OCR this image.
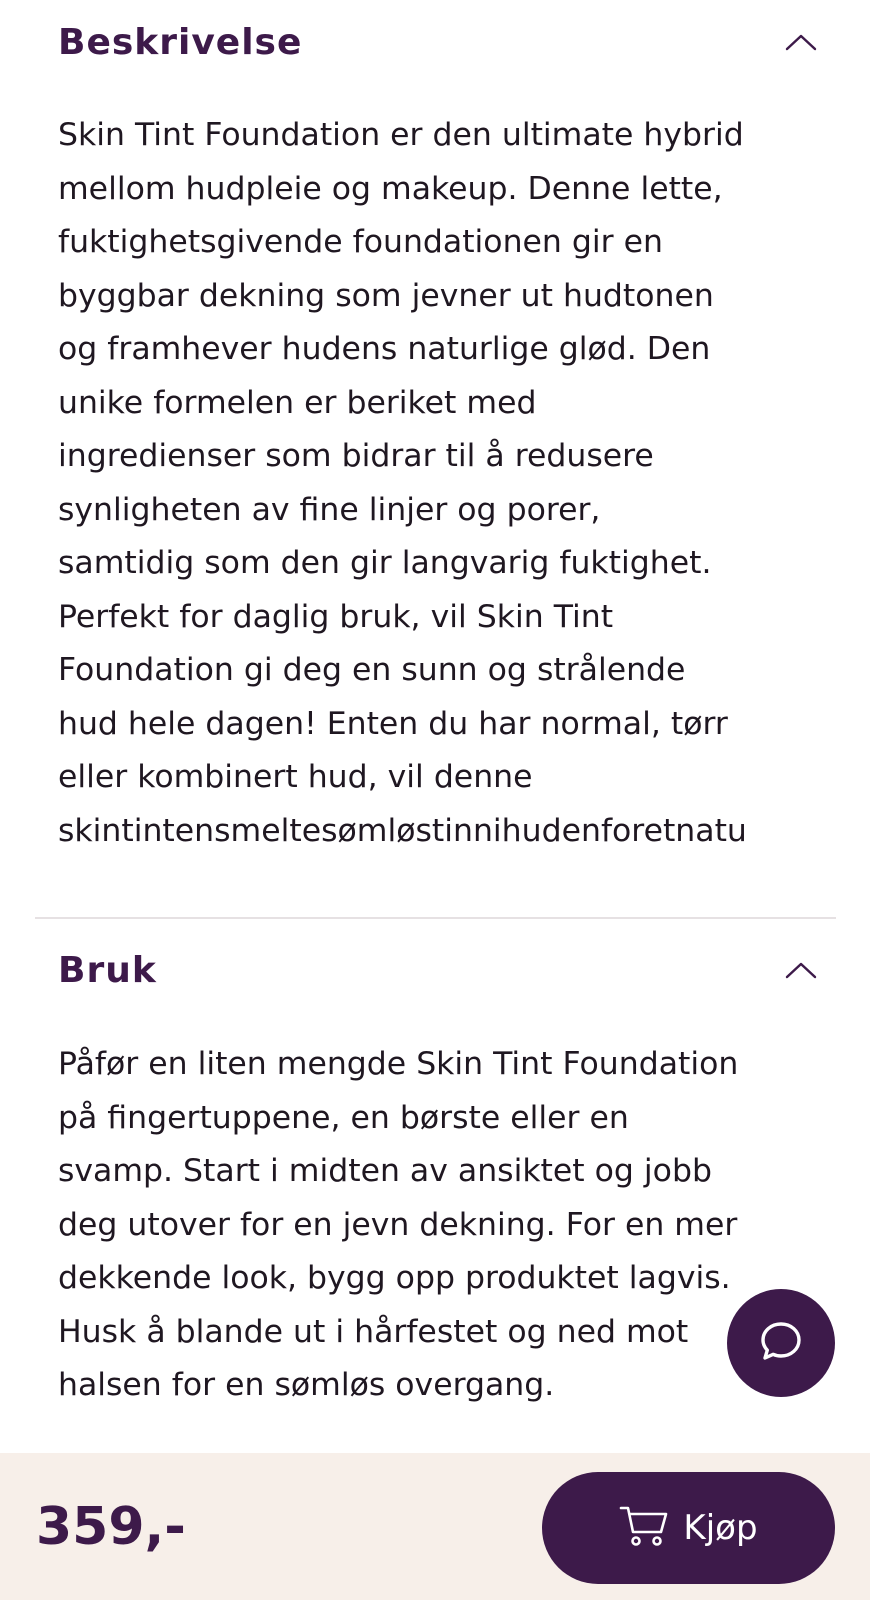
Beskrivelse
Skin Tint Foundation er den ultimate hybrid
mellom hudpleie og makeup. Denne lette,
fuktighetsgivende foundationen gir en
byggbar dekning som jevner ut hudtonen
og framhever hudens naturlige glød. Den
unike formelen er beriket med
ingredienser som bidrar til å redusere
synligheten av fine linjer og porer,
samtidig som den gir langvarig fuktighet.
Perfekt for daglig bruk, vil Skin Tint
Foundation gi deg en sunn og strålende
hud hele dagen! Enten du har normal, tørr
eller kombinert hud, vil denne
skintintensmeltesømløstinnihudenforetnatu
Bruk
Påfør en liten mengde Skin Tint Foundation
på fingertuppene, en børste eller en
svamp. Start i midten av ansiktet og jobb
deg utover for en jevn dekning. For en mer
dekkende look, bygg opp produktet lagvis.
Husk å blande ut i hårfestet og ned mot
halsen for en sømløs overgang.
359,-	Kjøp
